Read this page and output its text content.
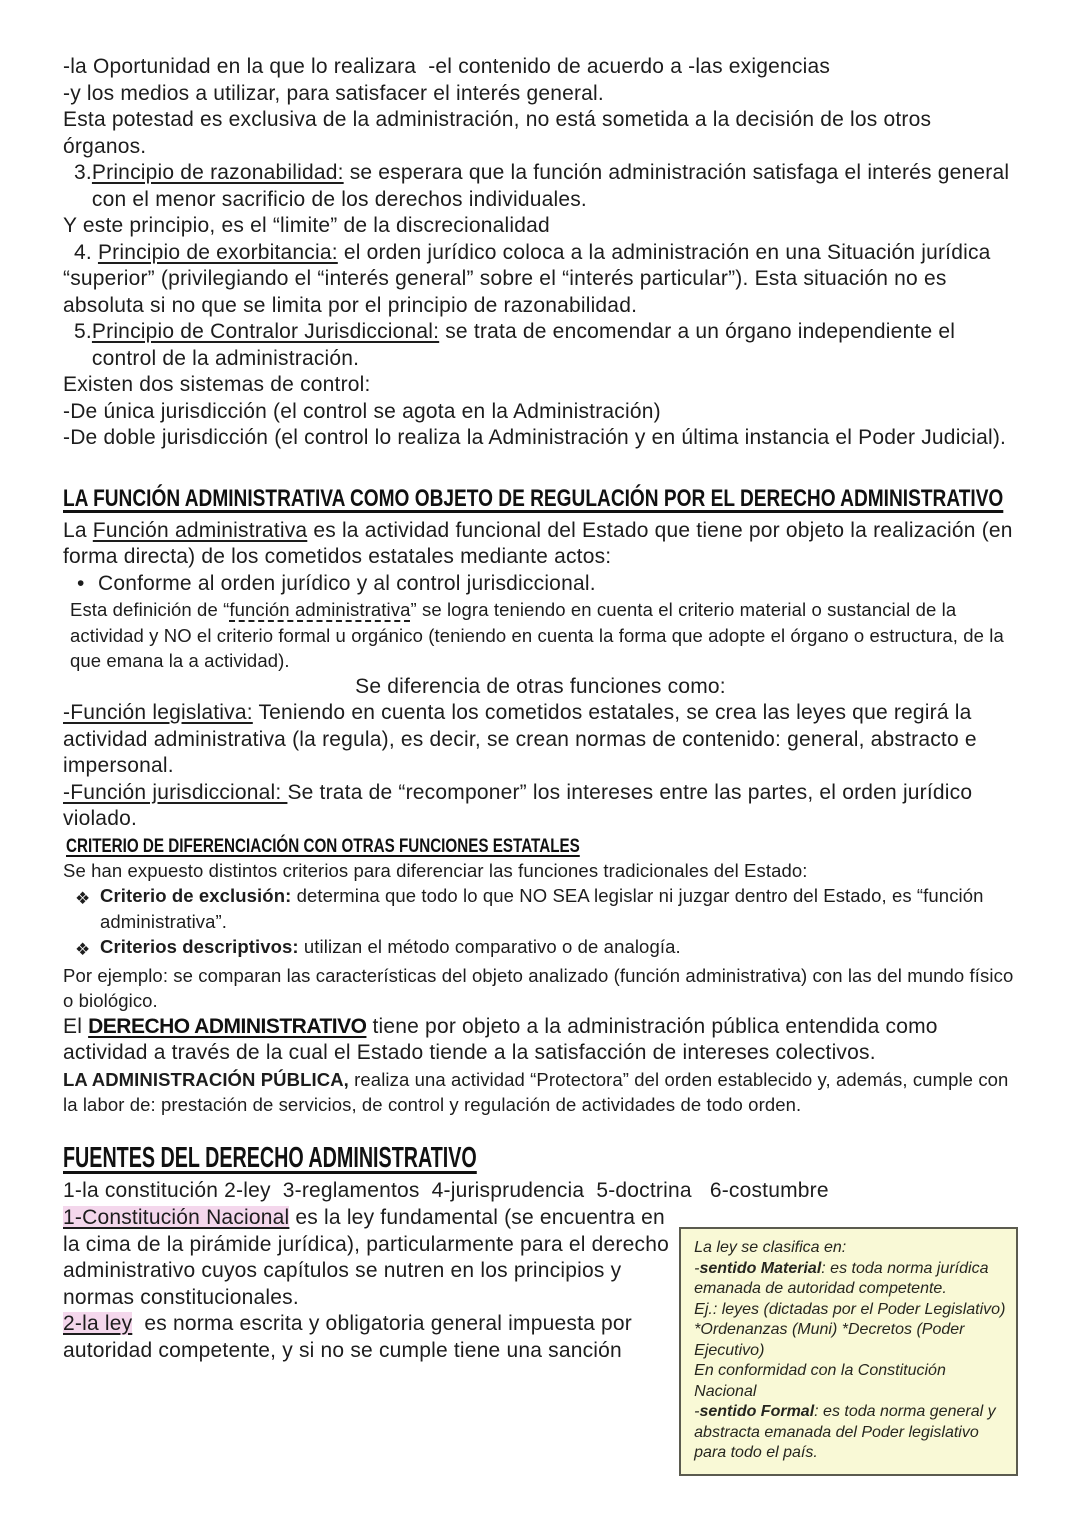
-la Oportunidad en la que lo realizara  -el contenido de acuerdo a -las exigencias

-y los medios a utilizar, para satisfacer el interés general.

Esta potestad es exclusiva de la administración, no está sometida a la decisión de los otros órganos.

3. Principio de razonabilidad: se esperara que la función administración satisfaga el interés general con el menor sacrificio de los derechos individuales.

Y este principio, es el “limite” de la discrecionalidad

4. Principio de exorbitancia: el orden jurídico coloca a la administración en una Situación jurídica “superior” (privilegiando el “interés general” sobre el “interés particular”). Esta situación no es absoluta si no que se limita por el principio de razonabilidad.

5. Principio de Contralor Jurisdiccional: se trata de encomendar a un órgano independiente el control de la administración.

Existen dos sistemas de control:

-De única jurisdicción (el control se agota en la Administración)

-De doble jurisdicción (el control lo realiza la Administración y en última instancia el Poder Judicial).

LA FUNCIÓN ADMINISTRATIVA COMO OBJETO DE REGULACIÓN POR EL DERECHO ADMINISTRATIVO

La Función administrativa es la actividad funcional del Estado que tiene por objeto la realización (en forma directa) de los cometidos estatales mediante actos:

• Conforme al orden jurídico y al control jurisdiccional.

Esta definición de “función administrativa” se logra teniendo en cuenta el criterio material o sustancial de la actividad y NO el criterio formal u orgánico (teniendo en cuenta la forma que adopte el órgano o estructura, de la que emana la a actividad).

Se diferencia de otras funciones como:

-Función legislativa: Teniendo en cuenta los cometidos estatales, se crea las leyes que regirá la actividad administrativa (la regula), es decir, se crean normas de contenido: general, abstracto e impersonal.

-Función jurisdiccional: Se trata de “recomponer” los intereses entre las partes, el orden jurídico violado.

CRITERIO DE DIFERENCIACIÓN CON OTRAS FUNCIONES ESTATALES

Se han expuesto distintos criterios para diferenciar las funciones tradicionales del Estado:

❖ Criterio de exclusión: determina que todo lo que NO SEA legislar ni juzgar dentro del Estado, es “función administrativa”.
❖ Criterios descriptivos: utilizan el método comparativo o de analogía.

Por ejemplo: se comparan las características del objeto analizado (función administrativa) con las del mundo físico o biológico.

El DERECHO ADMINISTRATIVO tiene por objeto a la administración pública entendida como actividad a través de la cual el Estado tiende a la satisfacción de intereses colectivos.

LA ADMINISTRACIÓN PÚBLICA, realiza una actividad “Protectora” del orden establecido y, además, cumple con la labor de: prestación de servicios, de control y regulación de actividades de todo orden.

FUENTES DEL DERECHO ADMINISTRATIVO

1-la constitución 2-ley  3-reglamentos  4-jurisprudencia  5-doctrina   6-costumbre

1-Constitución Nacional es la ley fundamental (se encuentra en la cima de la pirámide jurídica), particularmente para el derecho administrativo cuyos capítulos se nutren en los principios y normas constitucionales.

2-la ley  es norma escrita y obligatoria general impuesta por autoridad competente, y si no se cumple tiene una sanción

La ley se clasifica en:
-sentido Material: es toda norma jurídica emanada de autoridad competente.
Ej.: leyes (dictadas por el Poder Legislativo)
*Ordenanzas (Muni) *Decretos (Poder Ejecutivo)
En conformidad con la Constitución Nacional
-sentido Formal: es toda norma general y abstracta emanada del Poder legislativo para todo el país.
